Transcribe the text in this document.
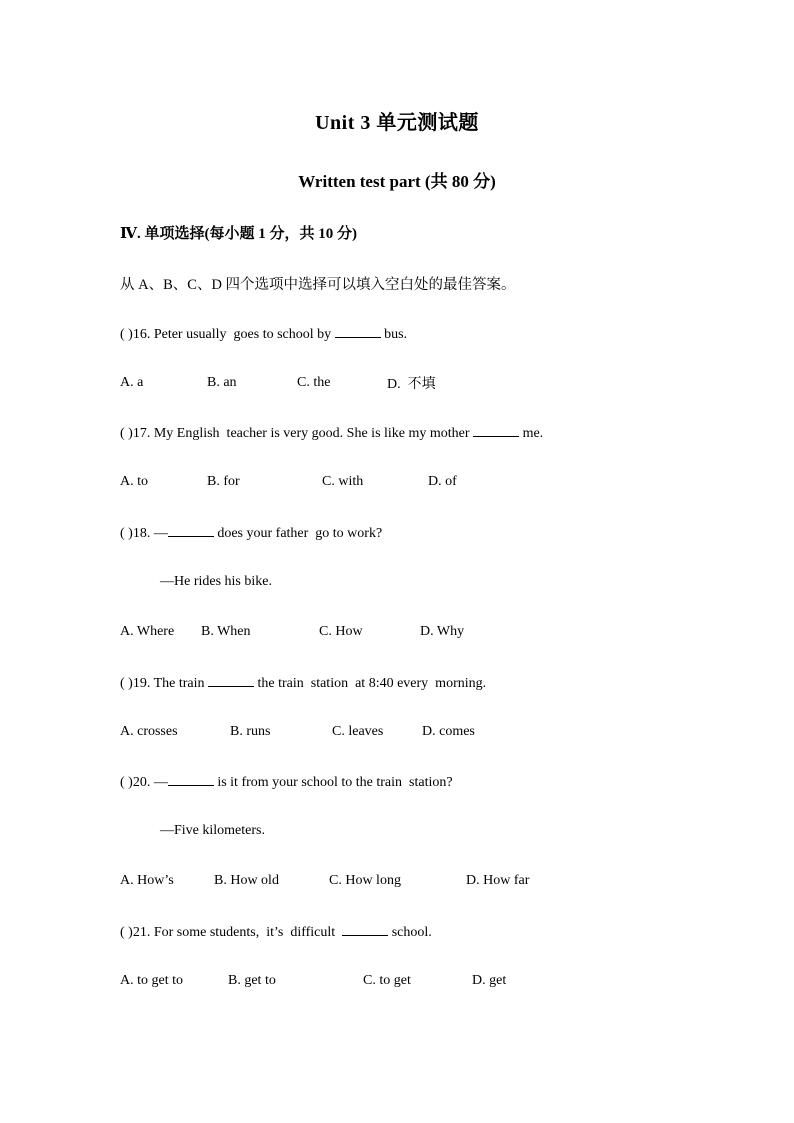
Unit 3 单元测试题
Written test part (共 80 分)
Ⅳ. 单项选择(每小题 1 分，共 10 分)
从 A、B、C、D 四个选项中选择可以填入空白处的最佳答案。
( )16. Peter usually  goes to school by	bus.
A. a	B. an	C. the	D.  不填
( )17. My English  teacher is very good. She is like my mother	me.
A. to	B. for	C. with	D. of
( )18. —	does your father  go to work?
—He rides his bike.
A. Where B. When	C. How	D. Why
( )19. The train	the train  station  at 8:40 every  morning.
A. crosses	B. runs	C. leaves	D. comes
( )20. —	is it from your school to the train  station?
—Five kilometers.
A. How’s	B. How old	C. How long	D. How far
( )21. For some students,  it’s  difficult	school.
A. to get to	B. get to	C. to get	D. get
